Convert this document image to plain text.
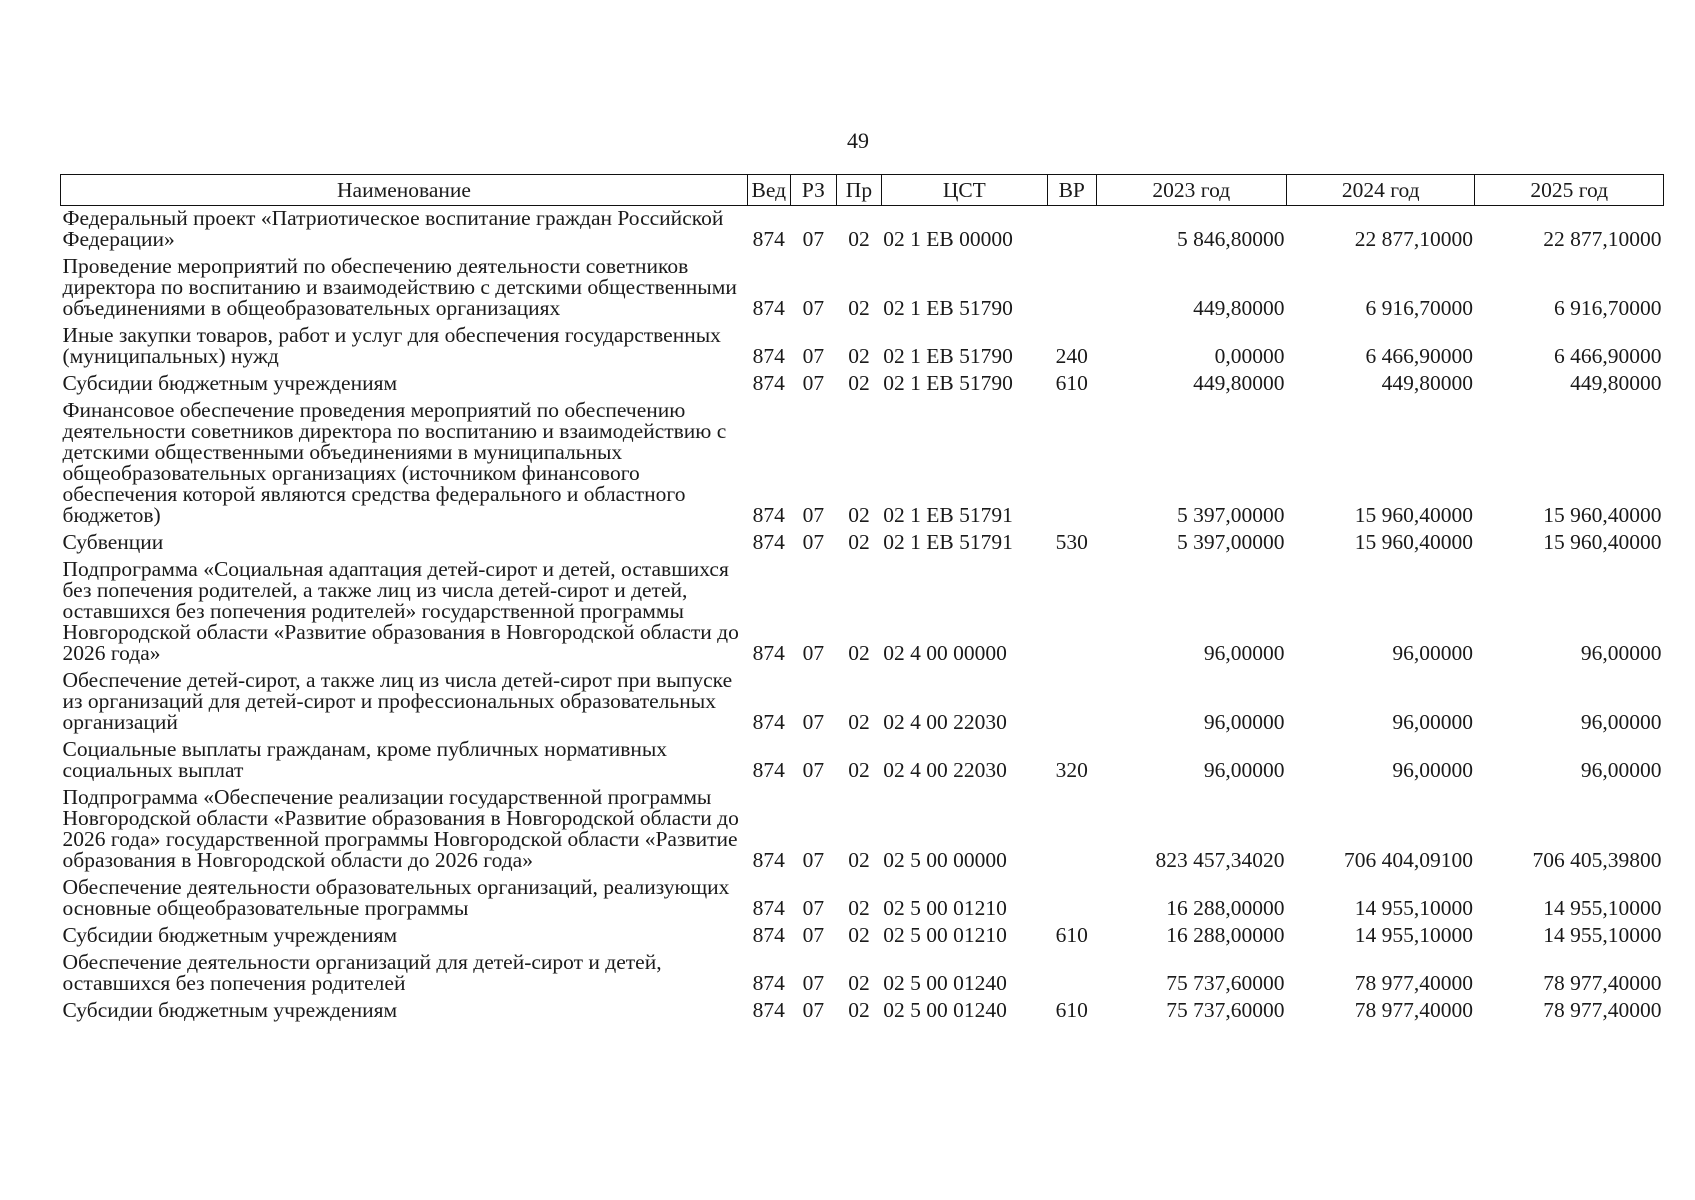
49
Наименование	Вед	РЗ	Пр	ЦСТ	ВР	2023 год	2024 год	2025 год
Федеральный проект «Патриотическое воспитание граждан Российской Федерации»	874	07	02	02 1 ЕВ 00000		5 846,80000	22 877,10000	22 877,10000
Проведение мероприятий по обеспечению деятельности советников директора по воспитанию и взаимодействию с детскими общественными объединениями в общеобразовательных организациях	874	07	02	02 1 ЕВ 51790		449,80000	6 916,70000	6 916,70000
Иные закупки товаров, работ и услуг для обеспечения государственных (муниципальных) нужд	874	07	02	02 1 ЕВ 51790	240	0,00000	6 466,90000	6 466,90000
Субсидии бюджетным учреждениям	874	07	02	02 1 ЕВ 51790	610	449,80000	449,80000	449,80000
Финансовое обеспечение проведения мероприятий по обеспечению деятельности советников директора по воспитанию и взаимодействию с детскими общественными объединениями в муниципальных общеобразовательных организациях (источником финансового обеспечения которой являются средства федерального и областного бюджетов)	874	07	02	02 1 ЕВ 51791		5 397,00000	15 960,40000	15 960,40000
Субвенции	874	07	02	02 1 ЕВ 51791	530	5 397,00000	15 960,40000	15 960,40000
Подпрограмма «Социальная адаптация детей-сирот и детей, оставшихся без попечения родителей, а также лиц из числа детей-сирот и детей, оставшихся без попечения родителей» государственной программы Новгородской области «Развитие образования в Новгородской области до 2026 года»	874	07	02	02 4 00 00000		96,00000	96,00000	96,00000
Обеспечение детей-сирот, а также лиц из числа детей-сирот при выпуске из организаций для детей-сирот и профессиональных образовательных организаций	874	07	02	02 4 00 22030		96,00000	96,00000	96,00000
Социальные выплаты гражданам, кроме публичных нормативных социальных выплат	874	07	02	02 4 00 22030	320	96,00000	96,00000	96,00000
Подпрограмма «Обеспечение реализации государственной программы Новгородской области «Развитие образования в Новгородской области до 2026 года» государственной программы Новгородской области «Развитие образования в Новгородской области до 2026 года»	874	07	02	02 5 00 00000		823 457,34020	706 404,09100	706 405,39800
Обеспечение деятельности образовательных организаций, реализующих основные общеобразовательные программы	874	07	02	02 5 00 01210		16 288,00000	14 955,10000	14 955,10000
Субсидии бюджетным учреждениям	874	07	02	02 5 00 01210	610	16 288,00000	14 955,10000	14 955,10000
Обеспечение деятельности организаций для детей-сирот и детей, оставшихся без попечения родителей	874	07	02	02 5 00 01240		75 737,60000	78 977,40000	78 977,40000
Субсидии бюджетным учреждениям	874	07	02	02 5 00 01240	610	75 737,60000	78 977,40000	78 977,40000
